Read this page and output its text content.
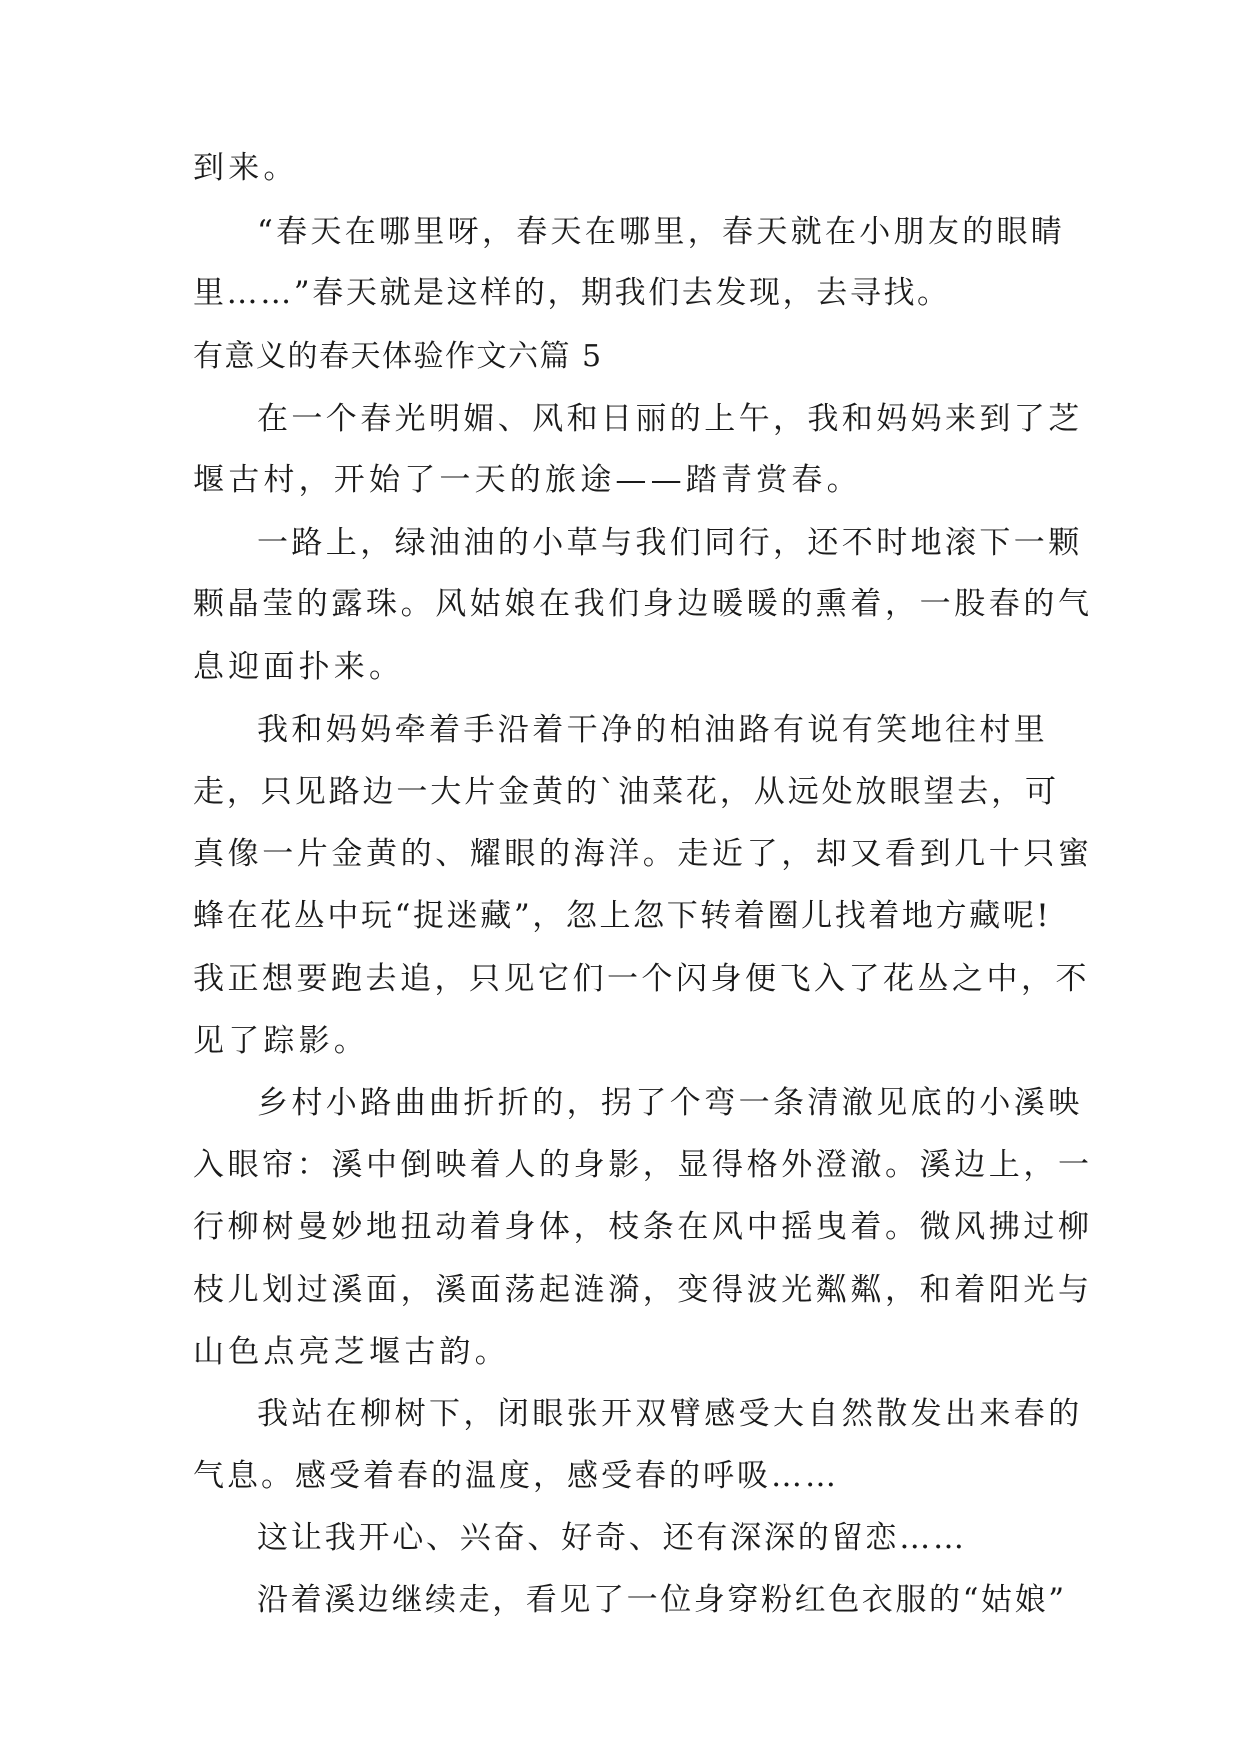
到来。
“春天在哪里呀，春天在哪里，春天就在小朋友的眼睛
里……”春天就是这样的，期我们去发现，去寻找。
有意义的春天体验作文六篇 5
在一个春光明媚、风和日丽的上午，我和妈妈来到了芝
堰古村，开始了一天的旅途——踏青赏春。
一路上，绿油油的小草与我们同行，还不时地滚下一颗
颗晶莹的露珠。风姑娘在我们身边暖暖的熏着，一股春的气
息迎面扑来。
我和妈妈牵着手沿着干净的柏油路有说有笑地往村里
走，只见路边一大片金黄的`油菜花，从远处放眼望去，可
真像一片金黄的、耀眼的海洋。走近了，却又看到几十只蜜
蜂在花丛中玩“捉迷藏”，忽上忽下转着圈儿找着地方藏呢!
我正想要跑去追，只见它们一个闪身便飞入了花丛之中，不
见了踪影。
乡村小路曲曲折折的，拐了个弯一条清澈见底的小溪映
入眼帘：溪中倒映着人的身影，显得格外澄澈。溪边上，一
行柳树曼妙地扭动着身体，枝条在风中摇曳着。微风拂过柳
枝儿划过溪面，溪面荡起涟漪，变得波光粼粼，和着阳光与
山色点亮芝堰古韵。
我站在柳树下，闭眼张开双臂感受大自然散发出来春的
气息。感受着春的温度，感受春的呼吸……
这让我开心、兴奋、好奇、还有深深的留恋……
沿着溪边继续走，看见了一位身穿粉红色衣服的“姑娘”
